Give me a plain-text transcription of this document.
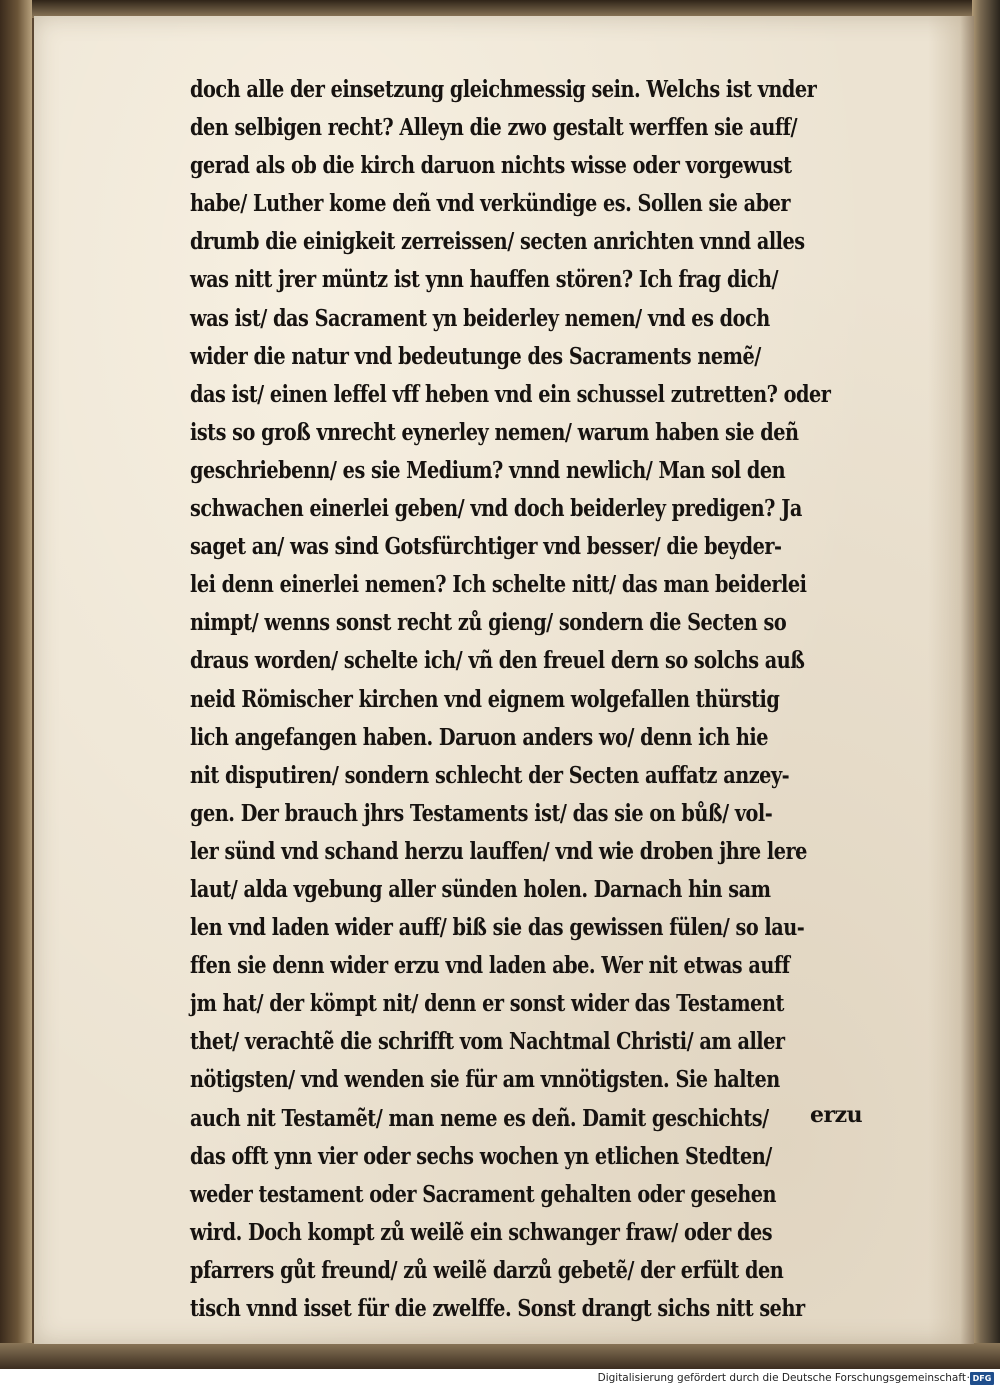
doch alle der einsetzung gleichmessig sein. Welchs ist vnder
den selbigen recht? Alleyn die zwo gestalt werffen sie auff/
gerad als ob die kirch daruon nichts wisse oder vorgewust
habe/ Luther kome deñ vnd verkündige es. Sollen sie aber
drumb die einigkeit zerreissen/ secten anrichten vnnd alles
was nitt jrer müntz ist ynn hauffen stören? Ich frag dich/
was ist/ das Sacrament yn beiderley nemen/ vnd es doch
wider die natur vnd bedeutunge des Sacraments nemẽ/
das ist/ einen leffel vff heben vnd ein schussel zutretten? oder
ists so groß vnrecht eynerley nemen/ warum haben sie deñ
geschriebenn/ es sie Medium? vnnd newlich/ Man sol den
schwachen einerlei geben/ vnd doch beiderley predigen? Ja
saget an/ was sind Gotsfürchtiger vnd besser/ die beyder-
lei denn einerlei nemen? Ich schelte nitt/ das man beiderlei
nimpt/ wenns sonst recht zů gieng/ sondern die Secten so
draus worden/ schelte ich/ vñ den freuel dern so solchs auß
neid Römischer kirchen vnd eignem wolgefallen thürstig
lich angefangen haben. Daruon anders wo/ denn ich hie
nit disputiren/ sondern schlecht der Secten auffatz anzey-
gen. Der brauch jhrs Testaments ist/ das sie on bůß/ vol-
ler sünd vnd schand herzu lauffen/ vnd wie droben jhre lere
laut/ alda vgebung aller sünden holen. Darnach hin sam
len vnd laden wider auff/ biß sie das gewissen fülen/ so lau-
ffen sie denn wider erzu vnd laden abe. Wer nit etwas auff
jm hat/ der kömpt nit/ denn er sonst wider das Testament
thet/ verachtẽ die schrifft vom Nachtmal Christi/ am aller
nötigsten/ vnd wenden sie für am vnnötigsten. Sie halten
auch nit Testamẽt/ man neme es deñ. Damit geschichts/
das offt ynn vier oder sechs wochen yn etlichen Stedten/
weder testament oder Sacrament gehalten oder gesehen
wird. Doch kompt zů weilẽ ein schwanger fraw/ oder des
pfarrers gůt freund/ zů weilẽ darzů gebetẽ/ der erfült den
tisch vnnd isset für die zwelffe. Sonst drangt sichs nitt sehr
erzu
Digitalisierung gefördert durch die Deutsche Forschungsgemeinschaft · DFG
